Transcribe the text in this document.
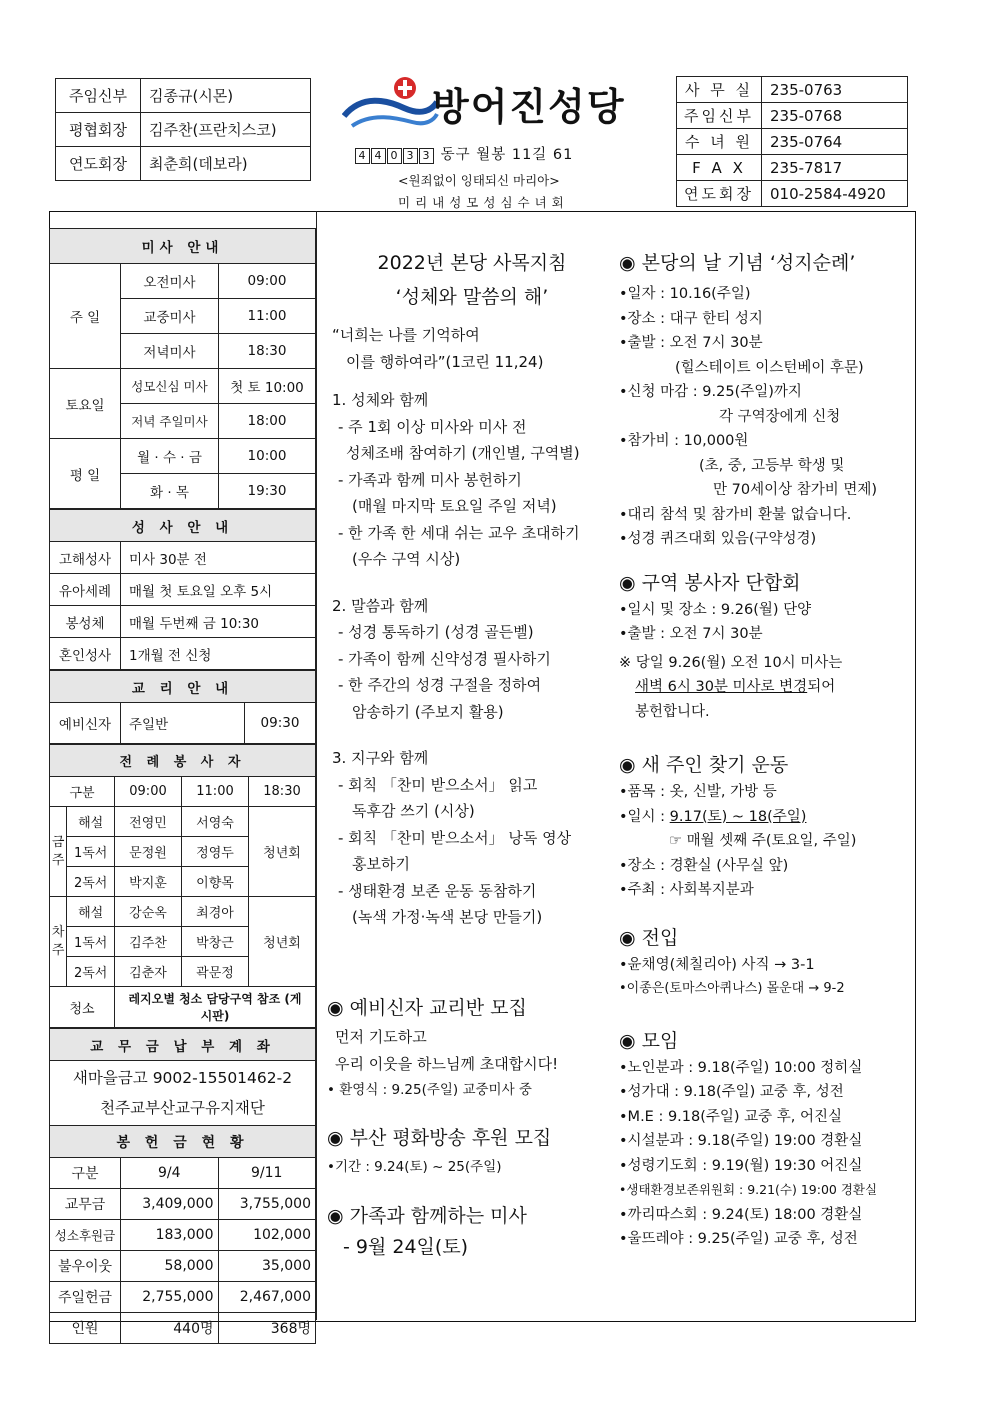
주임신부	김종규(시몬)
평협회장	김주찬(프란치스코)
연도회장	최춘희(데보라)
방어진성당
4 4 0 3 3 동구 월봉 11길 61
<원죄없이 잉태되신 마리아>
미리내성모성심수녀회
사 무 실	235-0763
주임신부	235-0768
수 녀 원	235-0764
F A X	235-7817
연도회장	010-2584-4920
미사 안내		
주 일	오전미사	09:00
	교중미사	11:00
	저녁미사	18:30
토요일	성모신심 미사	첫 토 10:00
	저녁 주일미사	18:00
평 일	월 · 수 · 금	10:00
	화 · 목	19:30
성 사 안 내	
고해성사	미사 30분 전
유아세례	매월 첫 토요일 오후 5시
봉성체	매월 두번째 금 10:30
혼인성사	1개월 전 신청
교 리 안 내
예비신자	주일반	09:30
전 례 봉 사 자				
구분		09:00	11:00	18:30
금주	해설	전영민	서영숙	청년회
	1독서	문정원	정영두	
	2독서	박지훈	이향목	
차주	해설	강순옥	최경아	청년회
	1독서	김주찬	박창근	
	2독서	김춘자	곽문정	
청소		레지오별 청소 담당구역 참조 (게시판)		
교 무 금 납 부 계 좌

새마을금고 9002-15501462-2
천주교부산교구유지재단
봉 헌 금 현 황		
구분	9/4	9/11
교무금	3,409,000	3,755,000
성소후원금	183,000	102,000
불우이웃	58,000	35,000
주일헌금	2,755,000	2,467,000
인원	440명	368명

2022년 본당 사목지침

‘성체와 말씀의 해’

“너희는 나를 기억하여

이를 행하여라”(1코린 11,24)

1. 성체와 함께

- 주 1회 이상 미사와 미사 전

성체조배 참여하기 (개인별, 구역별)

- 가족과 함께 미사 봉헌하기

(매월 마지막 토요일 주일 저녁)

- 한 가족 한 세대 쉬는 교우 초대하기

(우수 구역 시상)

2. 말씀과 함께

- 성경 통독하기 (성경 골든벨)

- 가족이 함께 신약성경 필사하기

- 한 주간의 성경 구절을 정하여

암송하기 (주보지 활용)

3. 지구와 함께

- 회칙 「찬미 받으소서」 읽고

독후감 쓰기 (시상)

- 회칙 「찬미 받으소서」 낭독 영상

홍보하기

- 생태환경 보존 운동 동참하기

(녹색 가정·녹색 본당 만들기)

◉ 예비신자 교리반 모집

먼저 기도하고

우리 이웃을 하느님께 초대합시다!

• 환영식 : 9.25(주일) 교중미사 중

◉ 부산 평화방송 후원 모집

•기간 : 9.24(토) ~ 25(주일)

◉ 가족과 함께하는 미사

- 9월 24일(토)

◉ 본당의 날 기념 ‘성지순례’

•일자 : 10.16(주일)

•장소 : 대구 한티 성지

•출발 : 오전 7시 30분

(힐스테이트 이스턴베이 후문)

•신청 마감 : 9.25(주일)까지

각 구역장에게 신청

•참가비 : 10,000원

(초, 중, 고등부 학생 및

만 70세이상 참가비 면제)

•대리 참석 및 참가비 환불 없습니다.

•성경 퀴즈대회 있음(구약성경)

◉ 구역 봉사자 단합회

•일시 및 장소 : 9.26(월) 단양

•출발 : 오전 7시 30분

※ 당일 9.26(월) 오전 10시 미사는

새벽 6시 30분 미사로 변경되어

봉헌합니다.

◉ 새 주인 찾기 운동

•품목 : 옷, 신발, 가방 등

•일시 : 9.17(토) ~ 18(주일)

☞ 매월 셋째 주(토요일, 주일)

•장소 : 경환실 (사무실 앞)

•주최 : 사회복지분과

◉ 전입

•윤채영(체칠리아) 사직 → 3-1

•이종은(토마스아퀴나스) 몰운대 → 9-2

◉ 모임

•노인분과 : 9.18(주일) 10:00 정히실

•성가대 : 9.18(주일) 교중 후, 성전

•M.E : 9.18(주일) 교중 후, 어진실

•시설분과 : 9.18(주일) 19:00 경환실

•성령기도회 : 9.19(월) 19:30 어진실

•생태환경보존위원회 : 9.21(수) 19:00 경환실

•까리따스회 : 9.24(토) 18:00 경환실

•울뜨레야 : 9.25(주일) 교중 후, 성전
